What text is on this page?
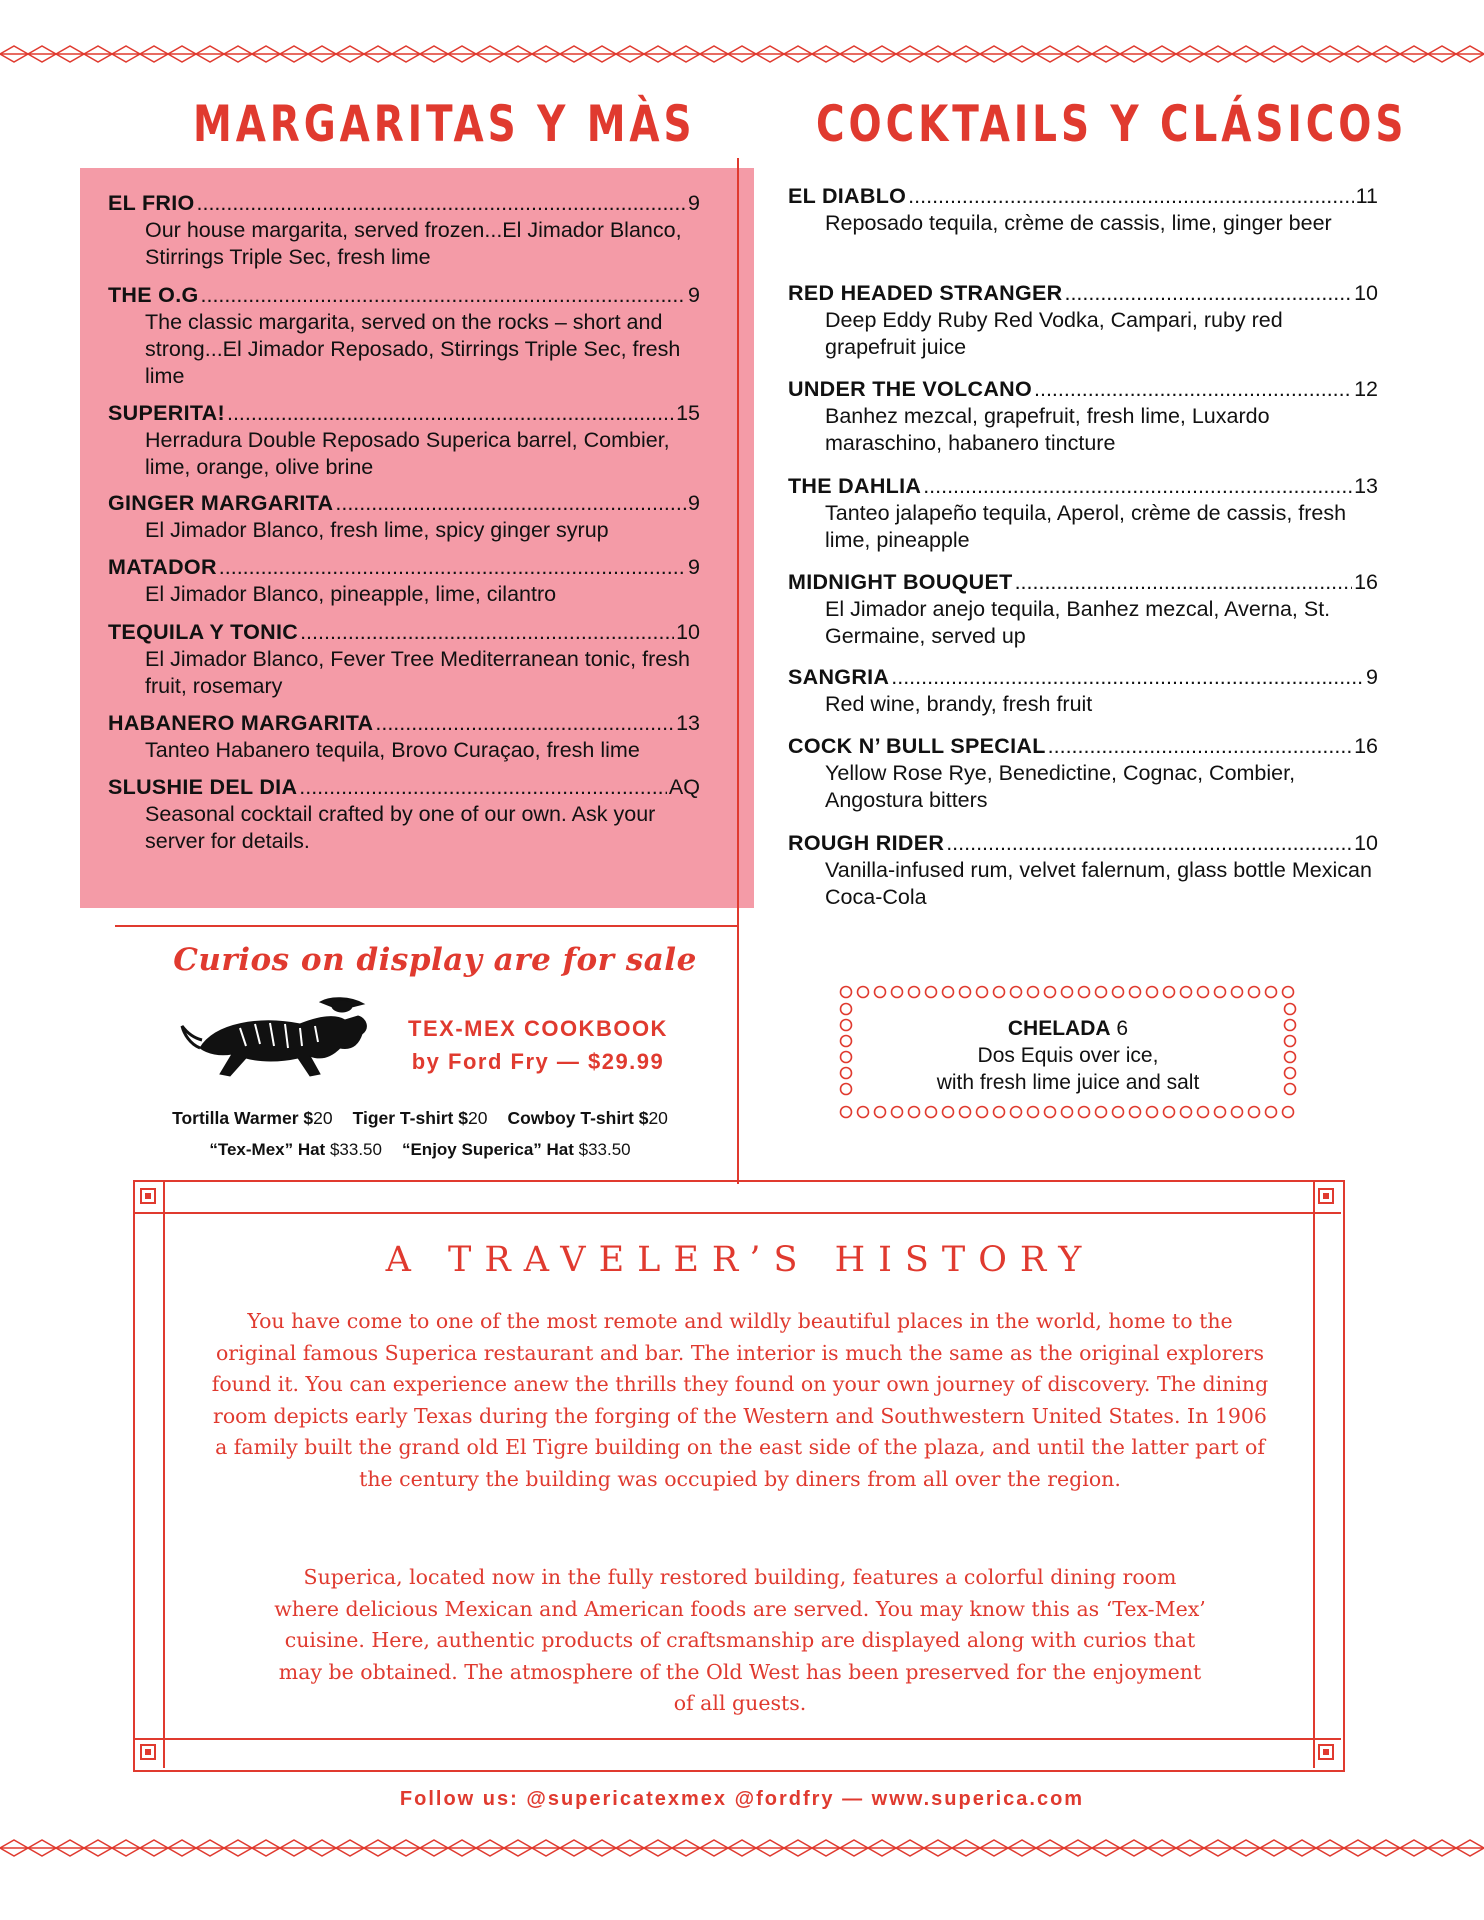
MARGARITAS Y MÀS COCKTAILS Y CLÁSICOS
EL FRIO .....	9
Our house margarita, served frozen...El Jimador Blanco, Stirrings Triple Sec, fresh lime
THE O.G .....	9
The classic margarita, served on the rocks – short and strong...El Jimador Reposado, Stirrings Triple Sec, fresh lime
SUPERITA! .....	15
Herradura Double Reposado Superica barrel, Combier, lime, orange, olive brine
GINGER MARGARITA .....	9
El Jimador Blanco, fresh lime, spicy ginger syrup
MATADOR .....	9
El Jimador Blanco, pineapple, lime, cilantro
TEQUILA Y TONIC .....	10
El Jimador Blanco, Fever Tree Mediterranean tonic, fresh fruit, rosemary
HABANERO MARGARITA .....	13
Tanteo Habanero tequila, Brovo Curaçao, fresh lime
SLUSHIE DEL DIA .....	AQ
Seasonal cocktail crafted by one of our own. Ask your server for details.
EL DIABLO .....	11
Reposado tequila, crème de cassis, lime, ginger beer
RED HEADED STRANGER .....	10
Deep Eddy Ruby Red Vodka, Campari, ruby red grapefruit juice
UNDER THE VOLCANO .....	12
Banhez mezcal, grapefruit, fresh lime, Luxardo maraschino, habanero tincture
THE DAHLIA .....	13
Tanteo jalapeño tequila, Aperol, crème de cassis, fresh lime, pineapple
MIDNIGHT BOUQUET .....	16
El Jimador anejo tequila, Banhez mezcal, Averna, St. Germaine, served up
SANGRIA .....	9
Red wine, brandy, fresh fruit
COCK N’ BULL SPECIAL .....	16
Yellow Rose Rye, Benedictine, Cognac, Combier, Angostura bitters
ROUGH RIDER .....	10
Vanilla-infused rum, velvet falernum, glass bottle Mexican Coca-Cola
Curios on display are for sale
TEX-MEX COOKBOOK
by Ford Fry — $29.99
Tortilla Warmer $20 Tiger T-shirt $20 Cowboy T-shirt $20
“Tex-Mex” Hat $33.50 “Enjoy Superica” Hat $33.50
CHELADA 6
Dos Equis over ice,
with fresh lime juice and salt
A TRAVELER’S HISTORY
You have come to one of the most remote and wildly beautiful places in the world, home to the original famous Superica restaurant and bar. The interior is much the same as the original explorers found it. You can experience anew the thrills they found on your own journey of discovery. The dining room depicts early Texas during the forging of the Western and Southwestern United States. In 1906 a family built the grand old El Tigre building on the east side of the plaza, and until the latter part of the century the building was occupied by diners from all over the region.
Superica, located now in the fully restored building, features a colorful dining room where delicious Mexican and American foods are served. You may know this as ‘Tex-Mex’ cuisine. Here, authentic products of craftsmanship are displayed along with curios that may be obtained. The atmosphere of the Old West has been preserved for the enjoyment of all guests.
Follow us: @supericatexmex @fordfry — www.superica.com
